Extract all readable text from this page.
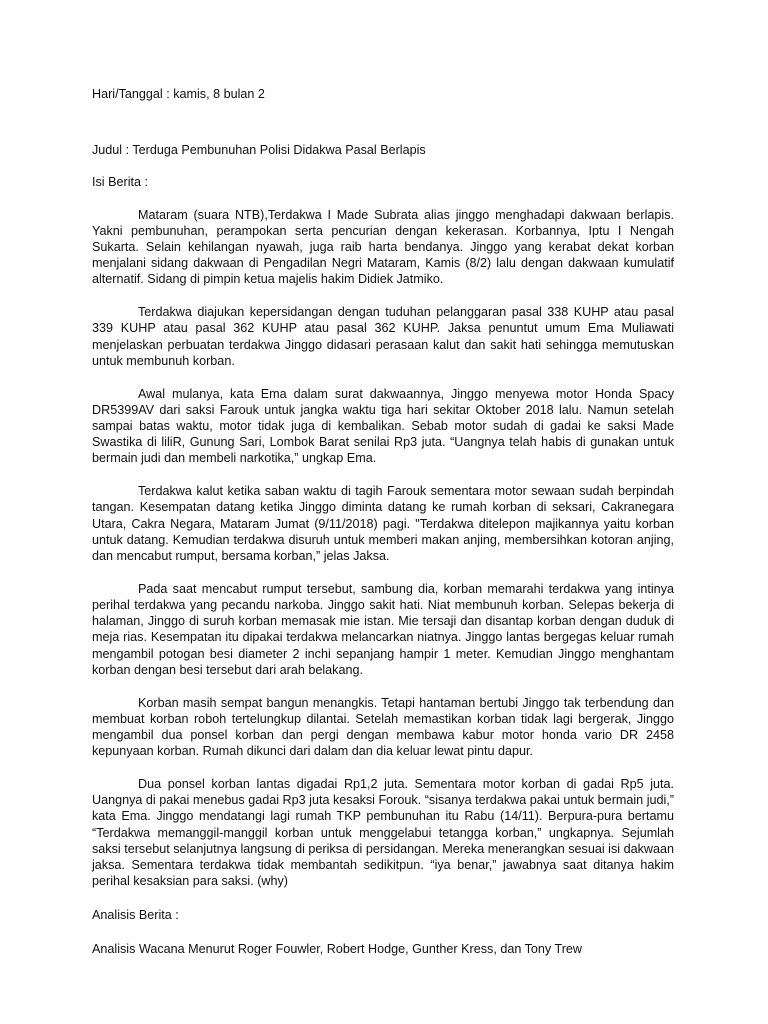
Hari/Tanggal : kamis, 8 bulan 2

Judul : Terduga Pembunuhan Polisi Didakwa Pasal Berlapis

Isi Berita :

Mataram (suara NTB),Terdakwa I Made Subrata alias jinggo menghadapi dakwaan berlapis. Yakni pembunuhan, perampokan serta pencurian dengan kekerasan. Korbannya, Iptu I Nengah Sukarta. Selain kehilangan nyawah, juga raib harta bendanya. Jinggo yang kerabat dekat korban menjalani sidang dakwaan di Pengadilan Negri Mataram, Kamis (8/2) lalu dengan dakwaan kumulatif alternatif. Sidang di pimpin ketua majelis hakim Didiek Jatmiko.

Terdakwa diajukan kepersidangan dengan tuduhan pelanggaran pasal 338 KUHP atau pasal 339 KUHP atau pasal 362 KUHP atau pasal 362 KUHP. Jaksa penuntut umum Ema Muliawati menjelaskan perbuatan terdakwa Jinggo didasari perasaan kalut dan sakit hati sehingga memutuskan untuk membunuh korban.

Awal mulanya, kata Ema dalam surat dakwaannya, Jinggo menyewa motor Honda Spacy DR5399AV dari saksi Farouk untuk jangka waktu tiga hari sekitar Oktober 2018 lalu. Namun setelah sampai batas waktu, motor tidak juga di kembalikan. Sebab motor sudah di gadai ke saksi Made Swastika di liliR, Gunung Sari, Lombok Barat senilai Rp3 juta. “Uangnya telah habis di gunakan untuk bermain judi dan membeli narkotika,” ungkap Ema.

Terdakwa kalut ketika saban waktu di tagih Farouk sementara motor sewaan sudah berpindah tangan. Kesempatan datang ketika Jinggo diminta datang ke rumah korban di seksari, Cakranegara Utara, Cakra Negara, Mataram Jumat (9/11/2018) pagi. "Terdakwa ditelepon majikannya yaitu korban untuk datang. Kemudian terdakwa disuruh untuk memberi makan anjing, membersihkan kotoran anjing, dan mencabut rumput, bersama korban,” jelas Jaksa.

Pada saat mencabut rumput tersebut, sambung dia, korban memarahi terdakwa yang intinya perihal terdakwa yang pecandu narkoba. Jinggo sakit hati. Niat membunuh korban. Selepas bekerja di halaman, Jinggo di suruh korban memasak mie istan. Mie tersaji dan disantap korban dengan duduk di meja rias. Kesempatan itu dipakai terdakwa melancarkan niatnya. Jinggo lantas bergegas keluar rumah mengambil potogan besi diameter 2 inchi sepanjang hampir 1 meter. Kemudian Jinggo menghantam korban dengan besi tersebut dari arah belakang.

Korban masih sempat bangun menangkis. Tetapi hantaman bertubi Jinggo tak terbendung dan membuat korban roboh tertelungkup dilantai. Setelah memastikan korban tidak lagi bergerak, Jinggo mengambil dua ponsel korban dan pergi dengan membawa kabur motor honda vario DR 2458 kepunyaan korban. Rumah dikunci dari dalam dan dia keluar lewat pintu dapur.

Dua ponsel korban lantas digadai Rp1,2 juta. Sementara motor korban di gadai Rp5 juta. Uangnya di pakai menebus gadai Rp3 juta kesaksi Forouk. “sisanya terdakwa pakai untuk bermain judi,” kata Ema. Jinggo mendatangi lagi rumah TKP pembunuhan itu Rabu (14/11). Berpura-pura bertamu “Terdakwa memanggil-manggil korban untuk menggelabui tetangga korban,” ungkapnya. Sejumlah saksi tersebut selanjutnya langsung di periksa di persidangan. Mereka menerangkan sesuai isi dakwaan jaksa. Sementara terdakwa tidak membantah sedikitpun. “iya benar,” jawabnya saat ditanya hakim perihal kesaksian para saksi. (why)

Analisis Berita :

Analisis Wacana Menurut Roger Fouwler, Robert Hodge, Gunther Kress, dan Tony Trew
